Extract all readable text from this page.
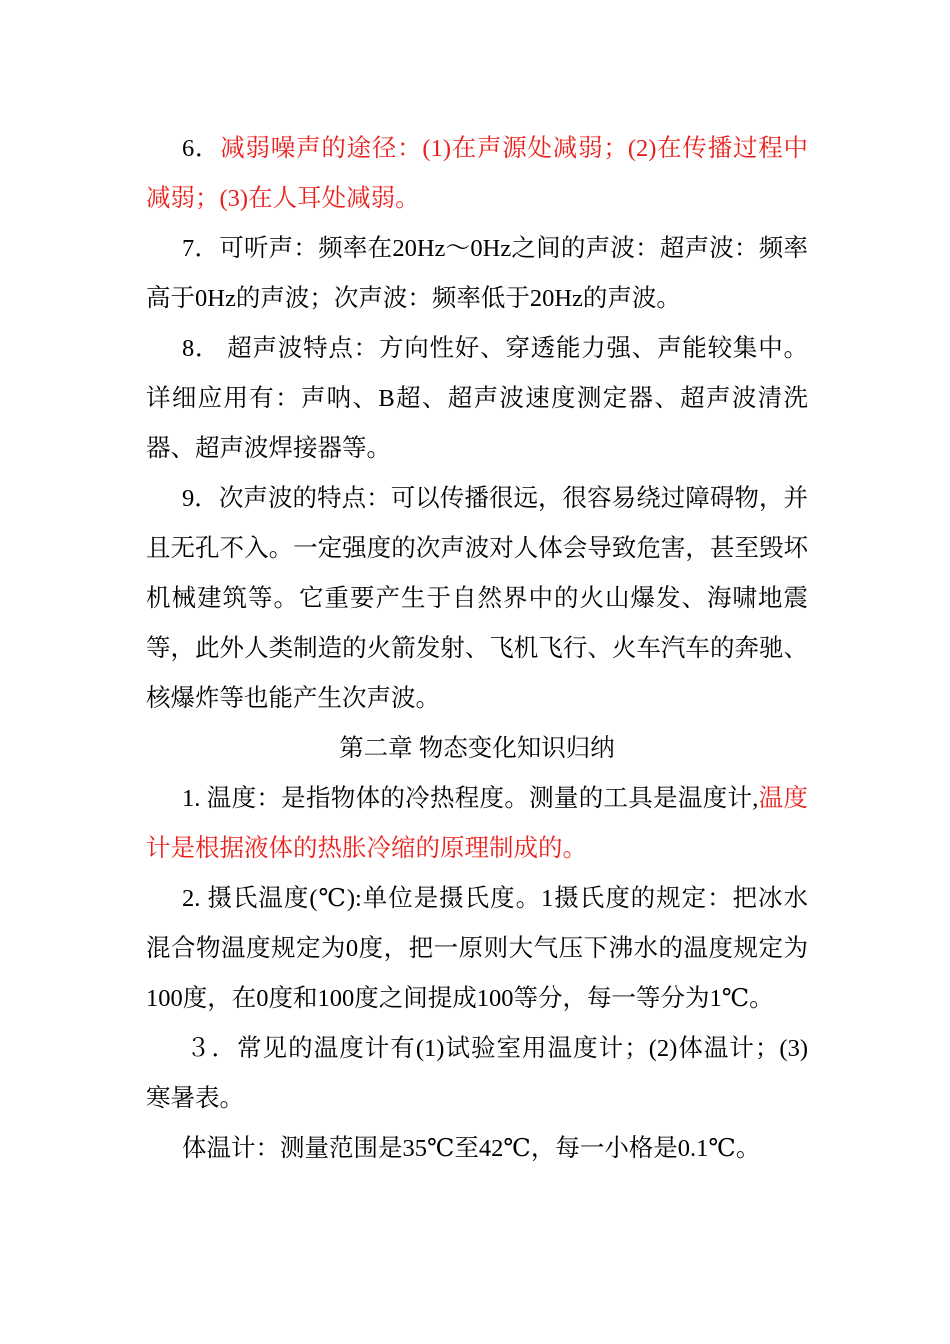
6．减弱噪声的途径：(1)在声源处减弱；(2)在传播过程中减弱；(3)在人耳处减弱。

7．可听声：频率在20Hz～0Hz之间的声波：超声波：频率高于0Hz的声波；次声波：频率低于20Hz的声波。

8． 超声波特点：方向性好、穿透能力强、声能较集中。详细应用有：声呐、B超、超声波速度测定器、超声波清洗器、超声波焊接器等。

9．次声波的特点：可以传播很远，很容易绕过障碍物，并且无孔不入。一定强度的次声波对人体会导致危害，甚至毁坏机械建筑等。它重要产生于自然界中的火山爆发、海啸地震等，此外人类制造的火箭发射、飞机飞行、火车汽车的奔驰、核爆炸等也能产生次声波。

第二章 物态变化知识归纳

1. 温度：是指物体的冷热程度。测量的工具是温度计,温度计是根据液体的热胀冷缩的原理制成的。

2. 摄氏温度(℃):单位是摄氏度。1摄氏度的规定：把冰水混合物温度规定为0度，把一原则大气压下沸水的温度规定为100度，在0度和100度之间提成100等分，每一等分为1℃。

３．常见的温度计有(1)试验室用温度计；(2)体温计；(3)寒暑表。

体温计：测量范围是35℃至42℃，每一小格是0.1℃。
